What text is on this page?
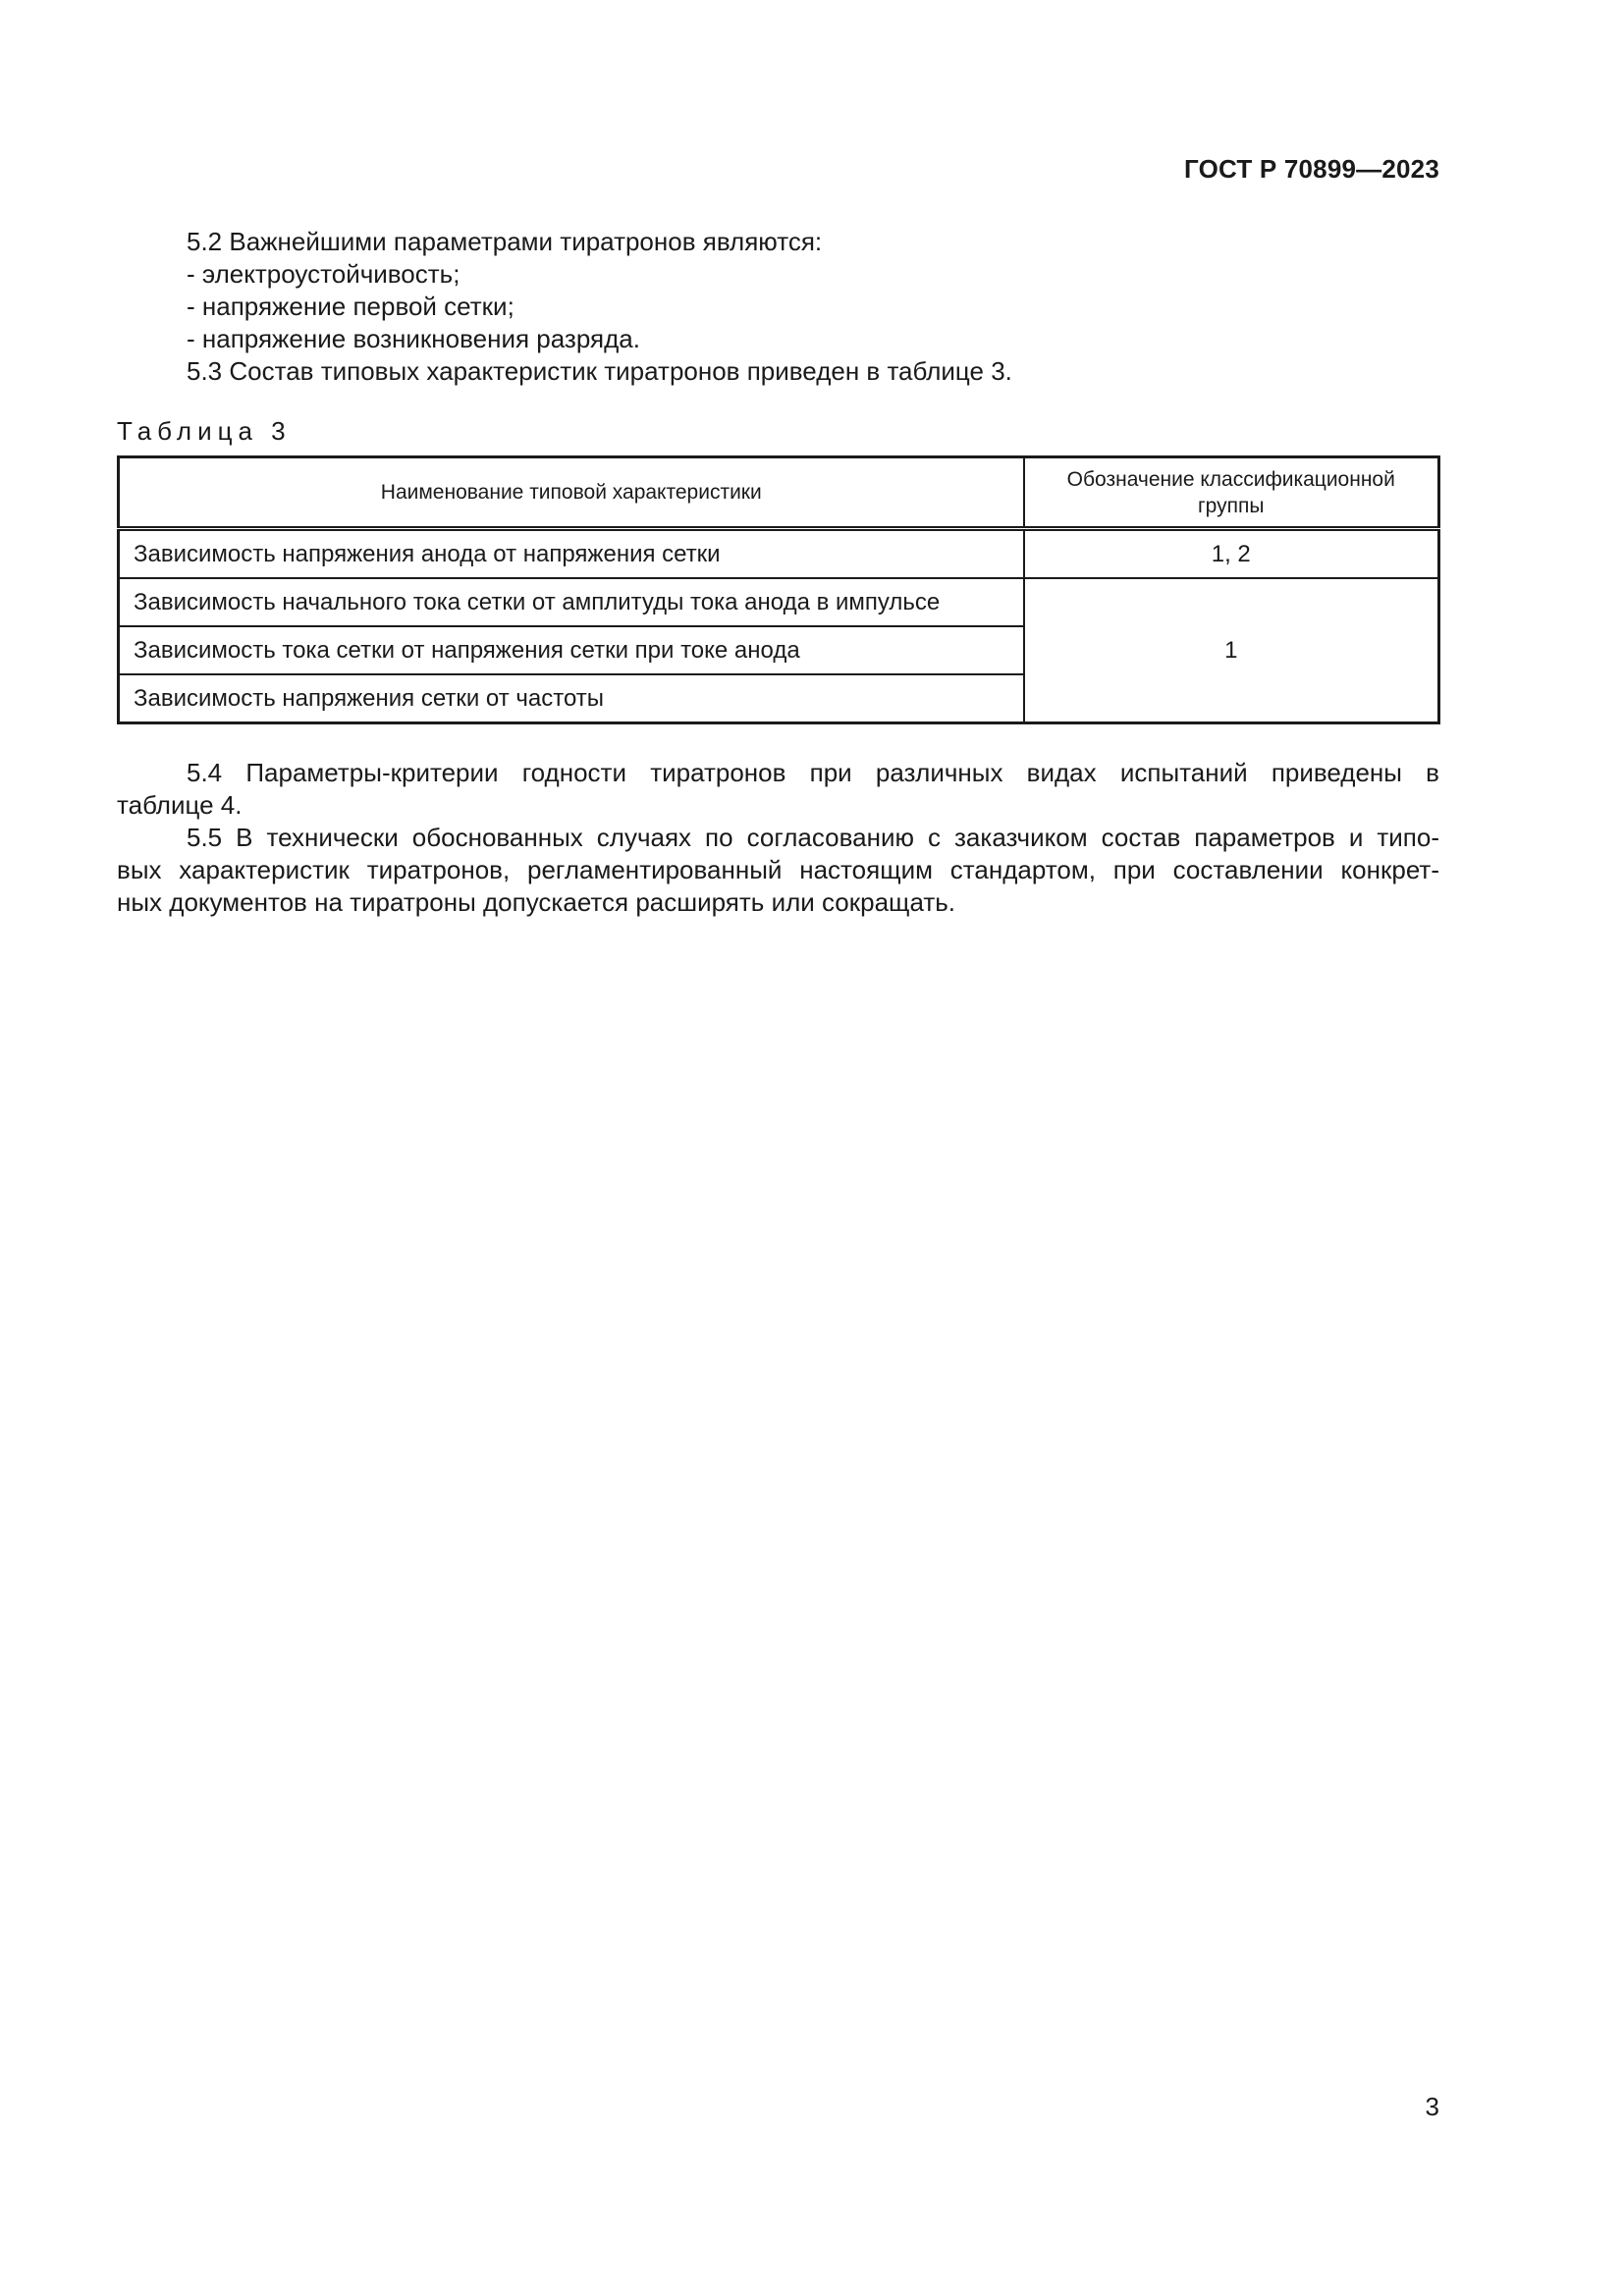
ГОСТ Р 70899—2023

5.2 Важнейшими параметрами тиратронов являются:

- электроустойчивость;

- напряжение первой сетки;

- напряжение возникновения разряда.

5.3 Состав типовых характеристик тиратронов приведен в таблице 3.

Таблица 3
Наименование типовой характеристики	Обозначение классификационной
группы
Зависимость напряжения анода от напряжения сетки	1, 2
Зависимость начального тока сетки от амплитуды тока анода в импульсе	1
Зависимость тока сетки от напряжения сетки при токе анода	
Зависимость напряжения сетки от частоты	

5.4 Параметры-критерии годности тиратронов при различных видах испытаний приведены в

таблице 4.

5.5 В технически обоснованных случаях по согласованию с заказчиком состав параметров и типо-

вых характеристик тиратронов, регламентированный настоящим стандартом, при составлении конкрет-

ных документов на тиратроны допускается расширять или сокращать.

3
